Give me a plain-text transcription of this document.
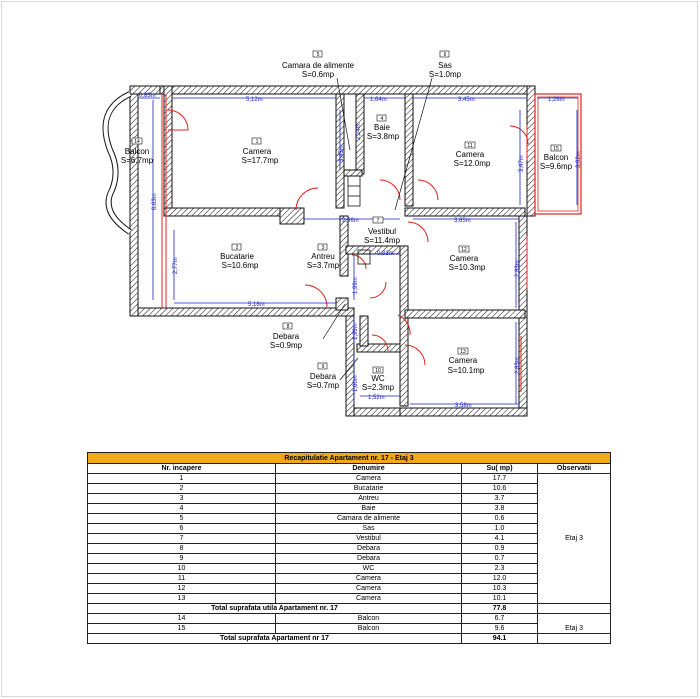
0,83m
5,12m	1,64m	3,45m	1,26m
3,45m
2,24m
6,63m
3,47m	3,92m
2,96m	3,65m
2,77m
0,83m
2,83m
5,18m
1,99m
1,99m
2,83m
1,60m
1,52m
3,58m
5
Camara de alimente
S=0.6mp
6
Sas
S=1.0mp
14
Balcon
S=6.7mp
1
Camera
S=17.7mp
4
Baie
S=3.8mp
11
Camera
S=12.0mp
15
Balcon
S=9.6mp
7
Vestibul
S=11.4mp
2
Bucatarie
S=10.6mp
3
Antreu
S=3.7mp
12
Camera
S=10.3mp
8
Debara
S=0.9mp
13
Camera
S=10.1mp
9
Debara
S=0.7mp
10
WC
S=2.3mp
Recapitulatie Apartament nr. 17 - Etaj 3			
Nr. incapere	Denumire	Su( mp)	Observatii
1	Camera	17.7	Etaj 3
2	Bucatarie	10.6	
3	Antreu	3.7	
4	Baie	3.8	
5	Camara de alimente	0.6	
6	Sas	1.0	
7	Vestibul	4.1	
8	Debara	0.9	
9	Debara	0.7	
10	WC	2.3	
11	Camera	12.0	
12	Camera	10.3	
13	Camera	10.1	
Total suprafata utila Apartament nr. 17		77.8	
14	Balcon	6.7	Etaj 3
15	Balcon	9.6	
Total suprafata Apartament nr 17		94.1	
